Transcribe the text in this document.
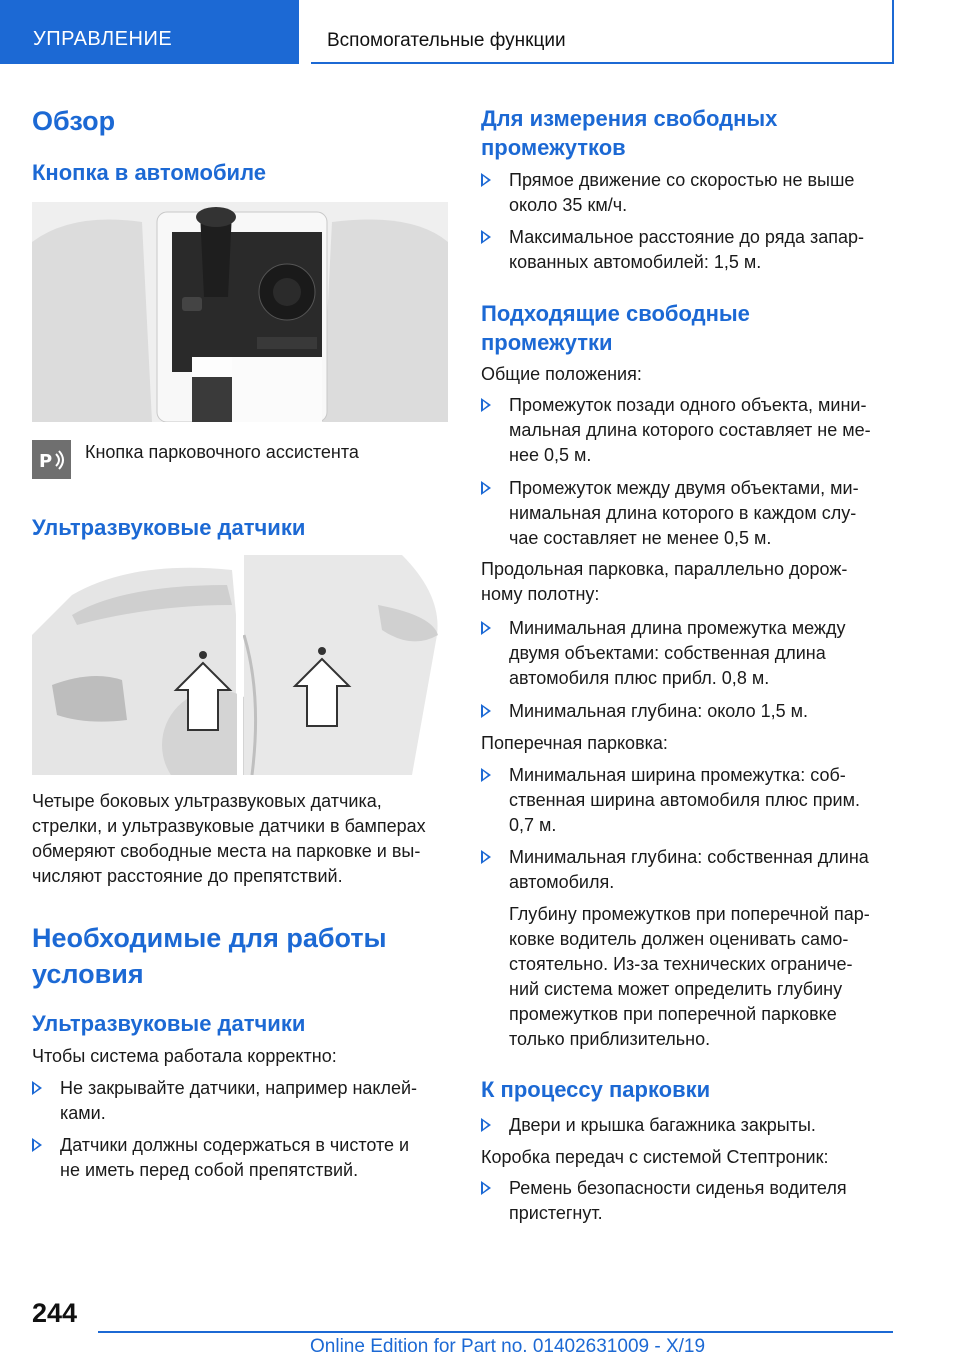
УПРАВЛЕНИЕ	Вспомогательные функции
Обзор
Кнопка в автомобиле
P Кнопка парковочного ассистента

Ультразвуковые датчики

Четыре боковых ультразвуковых датчика,
стрелки, и ультразвуковые датчики в бамперах
обмеряют свободные места на парковке и вы-
числяют расстояние до препятствий.

Необходимые для работы
условия
Ультразвуковые датчики

Чтобы система работала корректно:

Не закрывайте датчики, например наклей-
ками.
Датчики должны содержаться в чистоте и
не иметь перед собой препятствий.
Для измерения свободных
промежутков
Прямое движение со скоростью не выше
около 35 км/ч.
Максимальное расстояние до ряда запар-
кованных автомобилей: 1,5 м.
Подходящие свободные
промежутки

Общие положения:

Промежуток позади одного объекта, мини-
мальная длина которого составляет не ме-
нее 0,5 м.
Промежуток между двумя объектами, ми-
нимальная длина которого в каждом слу-
чае составляет не менее 0,5 м.

Продольная парковка, параллельно дорож-
ному полотну:

Минимальная длина промежутка между
двумя объектами: собственная длина
автомобиля плюс прибл. 0,8 м.
Минимальная глубина: около 1,5 м.

Поперечная парковка:

Минимальная ширина промежутка: соб-
ственная ширина автомобиля плюс прим.
0,7 м.
Минимальная глубина: собственная длина
автомобиля.

Глубину промежутков при поперечной пар-
ковке водитель должен оценивать само-
стоятельно. Из-за технических ограниче-
ний система может определить глубину
промежутков при поперечной парковке
только приблизительно.

К процессу парковки
Двери и крышка багажника закрыты.

Коробка передач с системой Стептроник:

Ремень безопасности сиденья водителя
пристегнут.
244
Online Edition for Part no. 01402631009 - X/19
